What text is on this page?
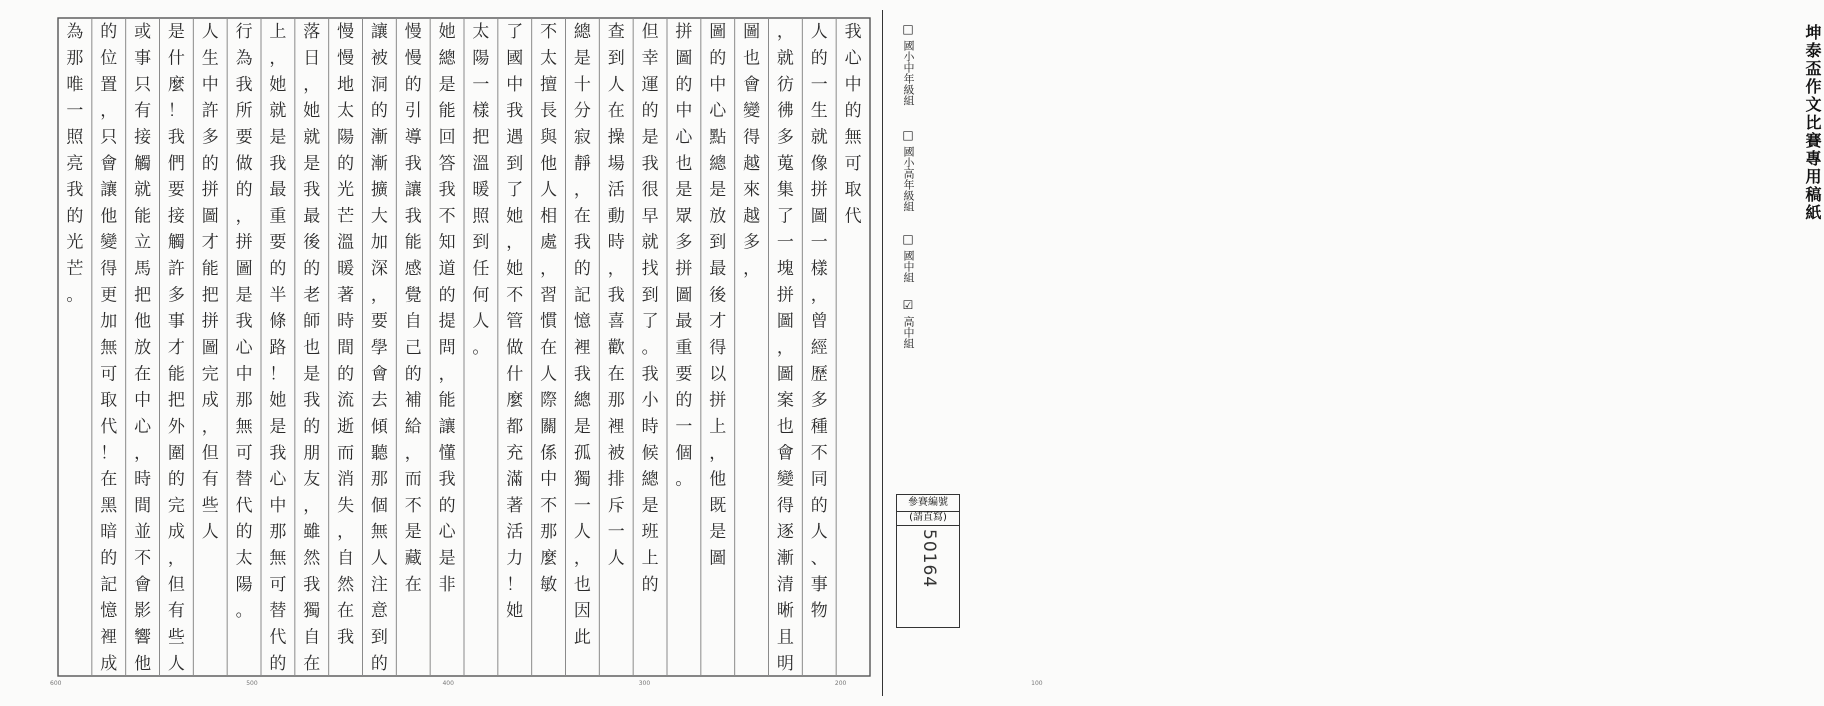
我
心
中
的
無
可
取
代
人
的
一
生
就
像
拼
圖
一
樣
，
曾
經
歷
多
種
不
同
的
人
、
事
物
，
就
彷
彿
多
蒐
集
了
一
塊
拼
圖
，
圖
案
也
會
變
得
逐
漸
清
晰
且
明
圖
也
會
變
得
越
來
越
多
，
圖
的
中
心
點
總
是
放
到
最
後
才
得
以
拼
上
，
他
既
是
圖
拼
圖
的
中
心
也
是
眾
多
拼
圖
最
重
要
的
一
個
。
但
幸
運
的
是
我
很
早
就
找
到
了
。
我
小
時
候
總
是
班
上
的
查
到
人
在
操
場
活
動
時
，
我
喜
歡
在
那
裡
被
排
斥
一
人
總
是
十
分
寂
靜
，
在
我
的
記
憶
裡
我
總
是
孤
獨
一
人
，
也
因
此
不
太
擅
長
與
他
人
相
處
，
習
慣
在
人
際
關
係
中
不
那
麼
敏
了
國
中
我
遇
到
了
她
，
她
不
管
做
什
麼
都
充
滿
著
活
力
！
她
太
陽
一
樣
把
溫
暖
照
到
任
何
人
。
她
總
是
能
回
答
我
不
知
道
的
提
問
，
能
讓
懂
我
的
心
是
非
慢
慢
的
引
導
我
讓
我
能
感
覺
自
己
的
補
給
，
而
不
是
藏
在
讓
被
洞
的
漸
漸
擴
大
加
深
，
要
學
會
去
傾
聽
那
個
無
人
注
意
到
的
慢
慢
地
太
陽
的
光
芒
溫
暖
著
時
間
的
流
逝
而
消
失
，
自
然
在
我
落
日
，
她
就
是
我
最
後
的
老
師
也
是
我
的
朋
友
，
雖
然
我
獨
自
在
上
，
她
就
是
我
最
重
要
的
半
條
路
！
她
是
我
心
中
那
無
可
替
代
的
行
為
我
所
要
做
的
，
拼
圖
是
我
心
中
那
無
可
替
代
的
太
陽
。
人
生
中
許
多
的
拼
圖
才
能
把
拼
圖
完
成
，
但
有
些
人
是
什
麼
！
我
們
要
接
觸
許
多
事
才
能
把
外
圍
的
完
成
，
但
有
些
人
或
事
只
有
接
觸
就
能
立
馬
把
他
放
在
中
心
，
時
間
並
不
會
影
響
他
的
位
置
，
只
會
讓
他
變
得
更
加
無
可
取
代
！
在
黑
暗
的
記
憶
裡
成
為
那
唯
一
照
亮
我
的
光
芒
。
600	500	400	300	200	100
坤泰盃作文比賽專用稿紙
□國小中年級組
□國小高年級組
□國中組
☑高中組
參賽編號
(請直寫)
50164
